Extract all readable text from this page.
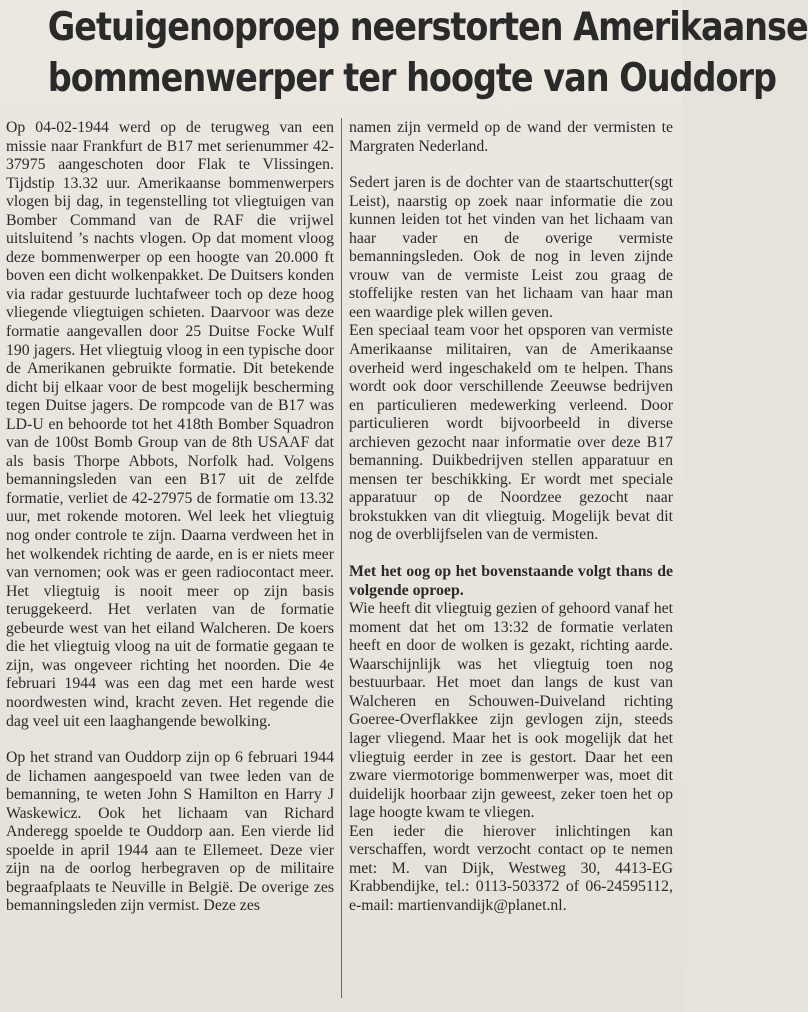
Getuigenoproep neerstorten Amerikaanse
bommenwerper ter hoogte van Ouddorp

Op 04-02-1944 werd op de terugweg van een missie naar Frankfurt de B17 met serienummer 42-37975 aangeschoten door Flak te Vlissingen. Tijdstip 13.32 uur. Amerikaanse bommenwerpers vlogen bij dag, in tegenstelling tot vliegtuigen van Bomber Command van de RAF die vrijwel uitsluitend ’s nachts vlogen. Op dat moment vloog deze bommenwerper op een hoogte van 20.000 ft boven een dicht wolkenpakket. De Duitsers konden via radar gestuurde luchtafweer toch op deze hoog vliegende vliegtuigen schieten. Daarvoor was deze formatie aangevallen door 25 Duitse Focke Wulf 190 jagers. Het vliegtuig vloog in een typische door de Amerikanen gebruikte formatie. Dit betekende dicht bij elkaar voor de best mogelijk bescherming tegen Duitse jagers. De rompcode van de B17 was LD-U en behoorde tot het 418th Bomber Squadron van de 100st Bomb Group van de 8th USAAF dat als basis Thorpe Abbots, Norfolk had. Volgens bemanningsleden van een B17 uit de zelfde formatie, verliet de 42-27975 de formatie om 13.32 uur, met rokende motoren. Wel leek het vliegtuig nog onder controle te zijn. Daarna verdween het in het wolkendek richting de aarde, en is er niets meer van vernomen; ook was er geen radiocontact meer. Het vliegtuig is nooit meer op zijn basis teruggekeerd. Het verlaten van de formatie gebeurde west van het eiland Walcheren. De koers die het vliegtuig vloog na uit de formatie gegaan te zijn, was ongeveer richting het noorden. Die 4e februari 1944 was een dag met een harde west noordwesten wind, kracht zeven. Het regende die dag veel uit een laaghangende bewolking.

Op het strand van Ouddorp zijn op 6 februari 1944 de lichamen aangespoeld van twee leden van de bemanning, te weten John S Hamilton en Harry J Waskewicz. Ook het lichaam van Richard Anderegg spoelde te Ouddorp aan. Een vierde lid spoelde in april 1944 aan te Ellemeet. Deze vier zijn na de oorlog herbegraven op de militaire begraafplaats te Neuville in België. De overige zes bemanningsleden zijn vermist. Deze zes

namen zijn vermeld op de wand der vermisten te Margraten Nederland.

Sedert jaren is de dochter van de staartschutter(sgt Leist), naarstig op zoek naar informatie die zou kunnen leiden tot het vinden van het lichaam van haar vader en de overige vermiste bemanningsleden. Ook de nog in leven zijnde vrouw van de vermiste Leist zou graag de stoffelijke resten van het lichaam van haar man een waardige plek willen geven.

Een speciaal team voor het opsporen van vermiste Amerikaanse militairen, van de Amerikaanse overheid werd ingeschakeld om te helpen. Thans wordt ook door verschillende Zeeuwse bedrijven en particulieren medewerking verleend. Door particulieren wordt bijvoorbeeld in diverse archieven gezocht naar informatie over deze B17 bemanning. Duikbedrijven stellen apparatuur en mensen ter beschikking. Er wordt met speciale apparatuur op de Noordzee gezocht naar brokstukken van dit vliegtuig. Mogelijk bevat dit nog de overblijfselen van de vermisten.

Met het oog op het bovenstaande volgt thans de volgende oproep.

Wie heeft dit vliegtuig gezien of gehoord vanaf het moment dat het om 13:32 de formatie verlaten heeft en door de wolken is gezakt, richting aarde. Waarschijnlijk was het vliegtuig toen nog bestuurbaar. Het moet dan langs de kust van Walcheren en Schouwen-Duiveland richting Goeree-Overflakkee zijn gevlogen zijn, steeds lager vliegend. Maar het is ook mogelijk dat het vliegtuig eerder in zee is gestort. Daar het een zware viermotorige bommenwerper was, moet dit duidelijk hoorbaar zijn geweest, zeker toen het op lage hoogte kwam te vliegen.

Een ieder die hierover inlichtingen kan verschaffen, wordt verzocht contact op te nemen met: M. van Dijk, Westweg 30, 4413-EG Krabbendijke, tel.: 0113-503372 of 06-24595112, e-mail: martienvandijk@planet.nl.
